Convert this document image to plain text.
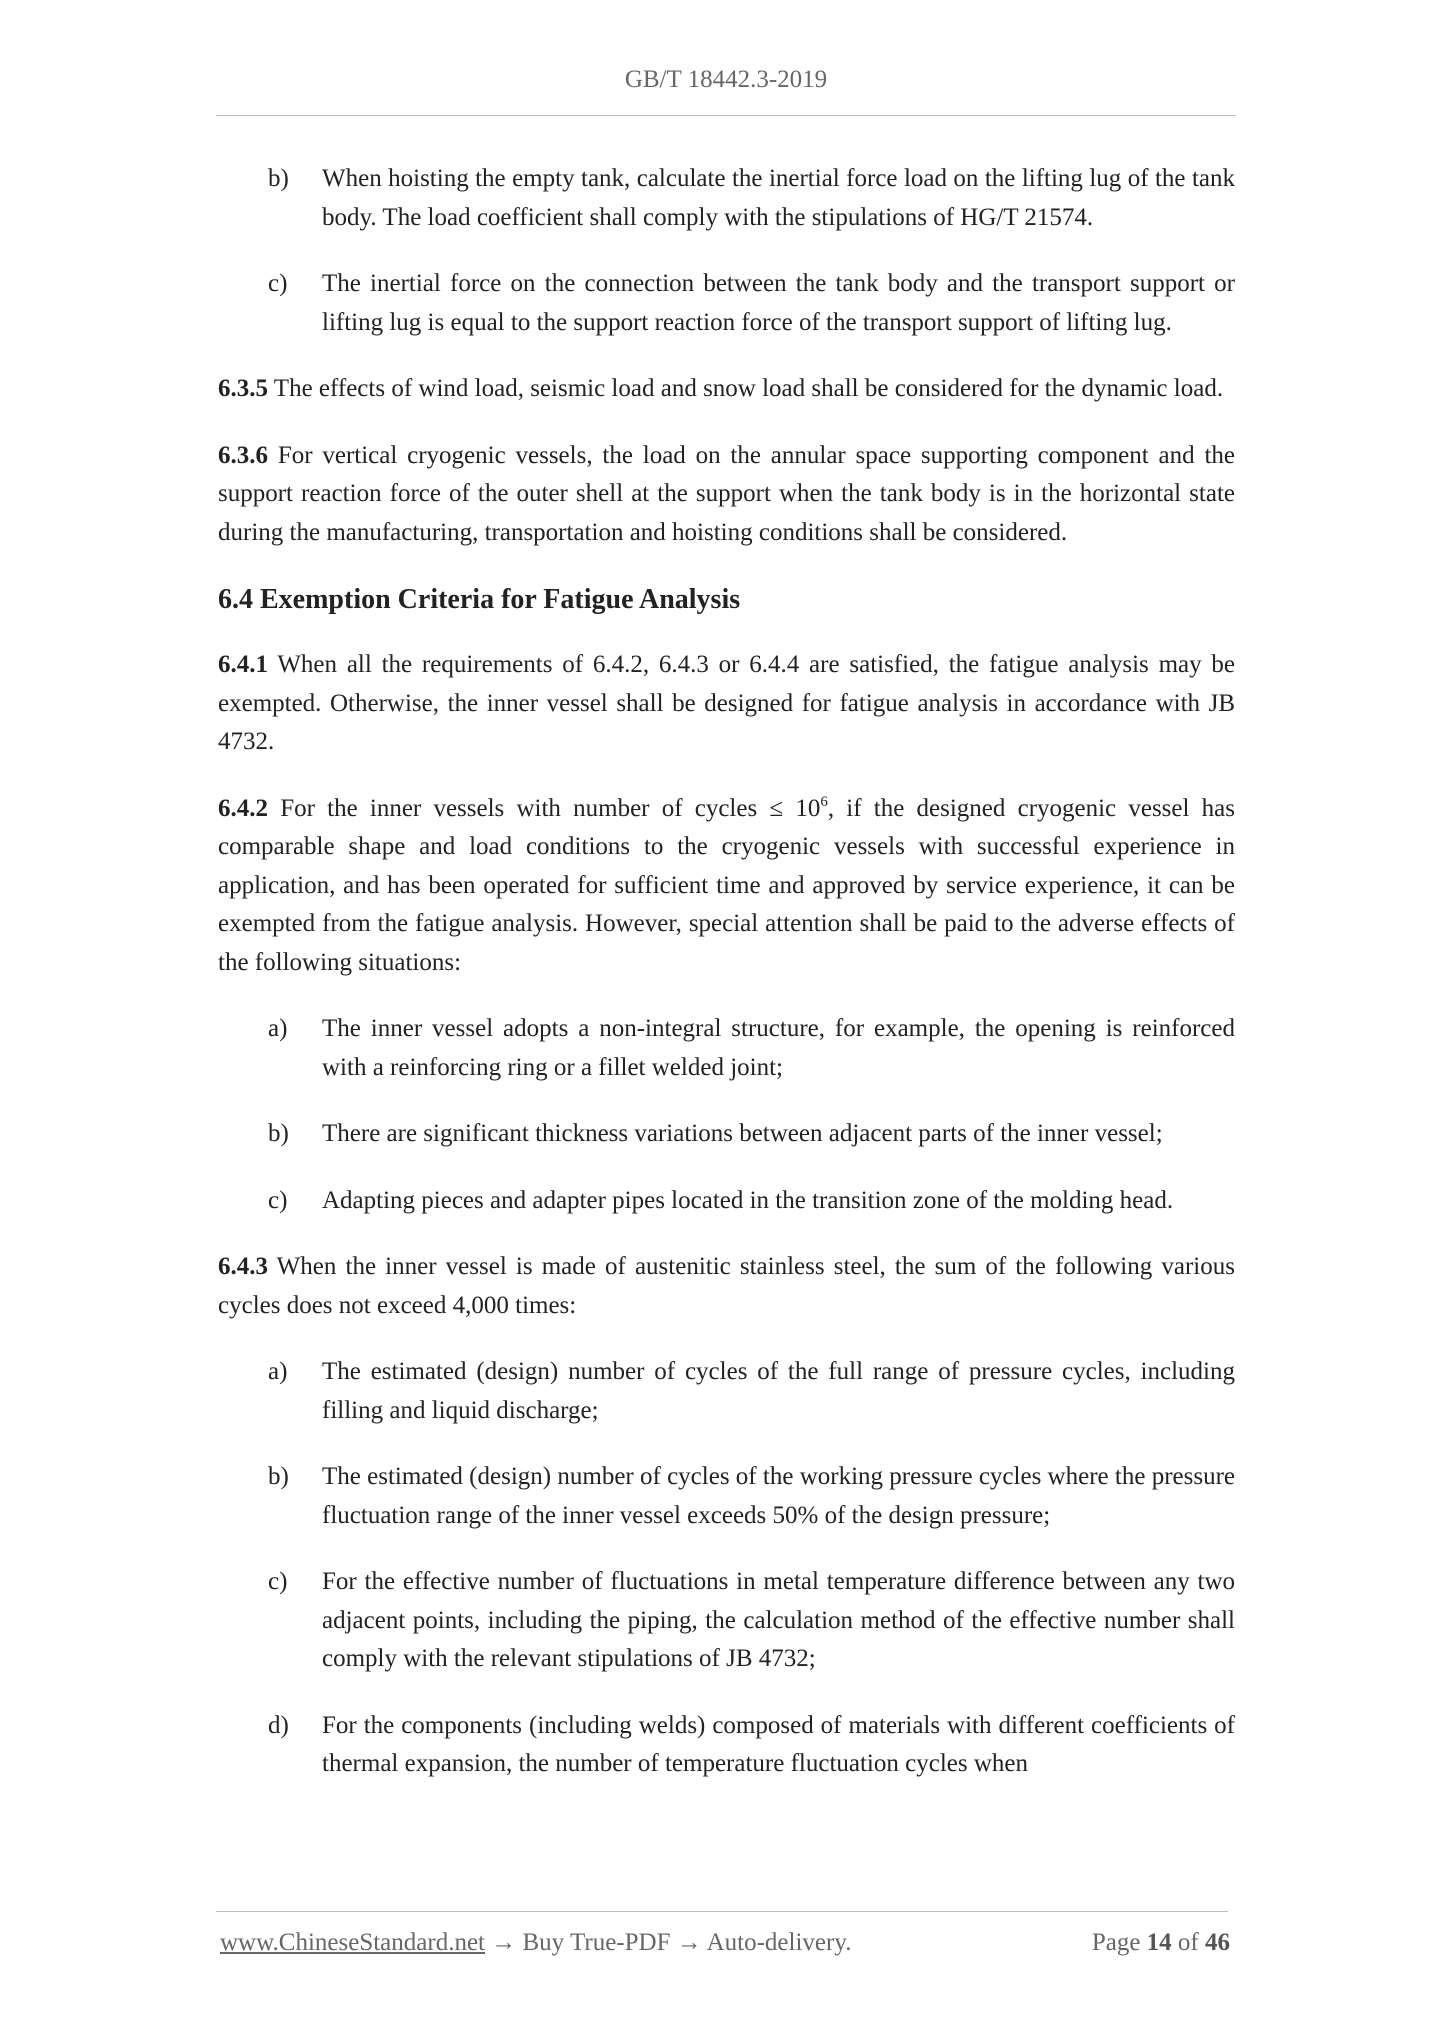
GB/T 18442.3-2019
b) When hoisting the empty tank, calculate the inertial force load on the lifting lug of the tank body. The load coefficient shall comply with the stipulations of HG/T 21574.
c) The inertial force on the connection between the tank body and the transport support or lifting lug is equal to the support reaction force of the transport support of lifting lug.

6.3.5 The effects of wind load, seismic load and snow load shall be considered for the dynamic load.

6.3.6 For vertical cryogenic vessels, the load on the annular space supporting component and the support reaction force of the outer shell at the support when the tank body is in the horizontal state during the manufacturing, transportation and hoisting conditions shall be considered.

6.4 Exemption Criteria for Fatigue Analysis

6.4.1 When all the requirements of 6.4.2, 6.4.3 or 6.4.4 are satisfied, the fatigue analysis may be exempted. Otherwise, the inner vessel shall be designed for fatigue analysis in accordance with JB 4732.

6.4.2 For the inner vessels with number of cycles ≤ $10^6$, if the designed cryogenic vessel has comparable shape and load conditions to the cryogenic vessels with successful experience in application, and has been operated for sufficient time and approved by service experience, it can be exempted from the fatigue analysis. However, special attention shall be paid to the adverse effects of the following situations:

a) The inner vessel adopts a non-integral structure, for example, the opening is reinforced with a reinforcing ring or a fillet welded joint;
b) There are significant thickness variations between adjacent parts of the inner vessel;
c) Adapting pieces and adapter pipes located in the transition zone of the molding head.

6.4.3 When the inner vessel is made of austenitic stainless steel, the sum of the following various cycles does not exceed 4,000 times:

a) The estimated (design) number of cycles of the full range of pressure cycles, including filling and liquid discharge;
b) The estimated (design) number of cycles of the working pressure cycles where the pressure fluctuation range of the inner vessel exceeds 50% of the design pressure;
c) For the effective number of fluctuations in metal temperature difference between any two adjacent points, including the piping, the calculation method of the effective number shall comply with the relevant stipulations of JB 4732;
d) For the components (including welds) composed of materials with different coefficients of thermal expansion, the number of temperature fluctuation cycles when
www.ChineseStandard.net → Buy True-PDF → Auto-delivery.	Page 14 of 46
